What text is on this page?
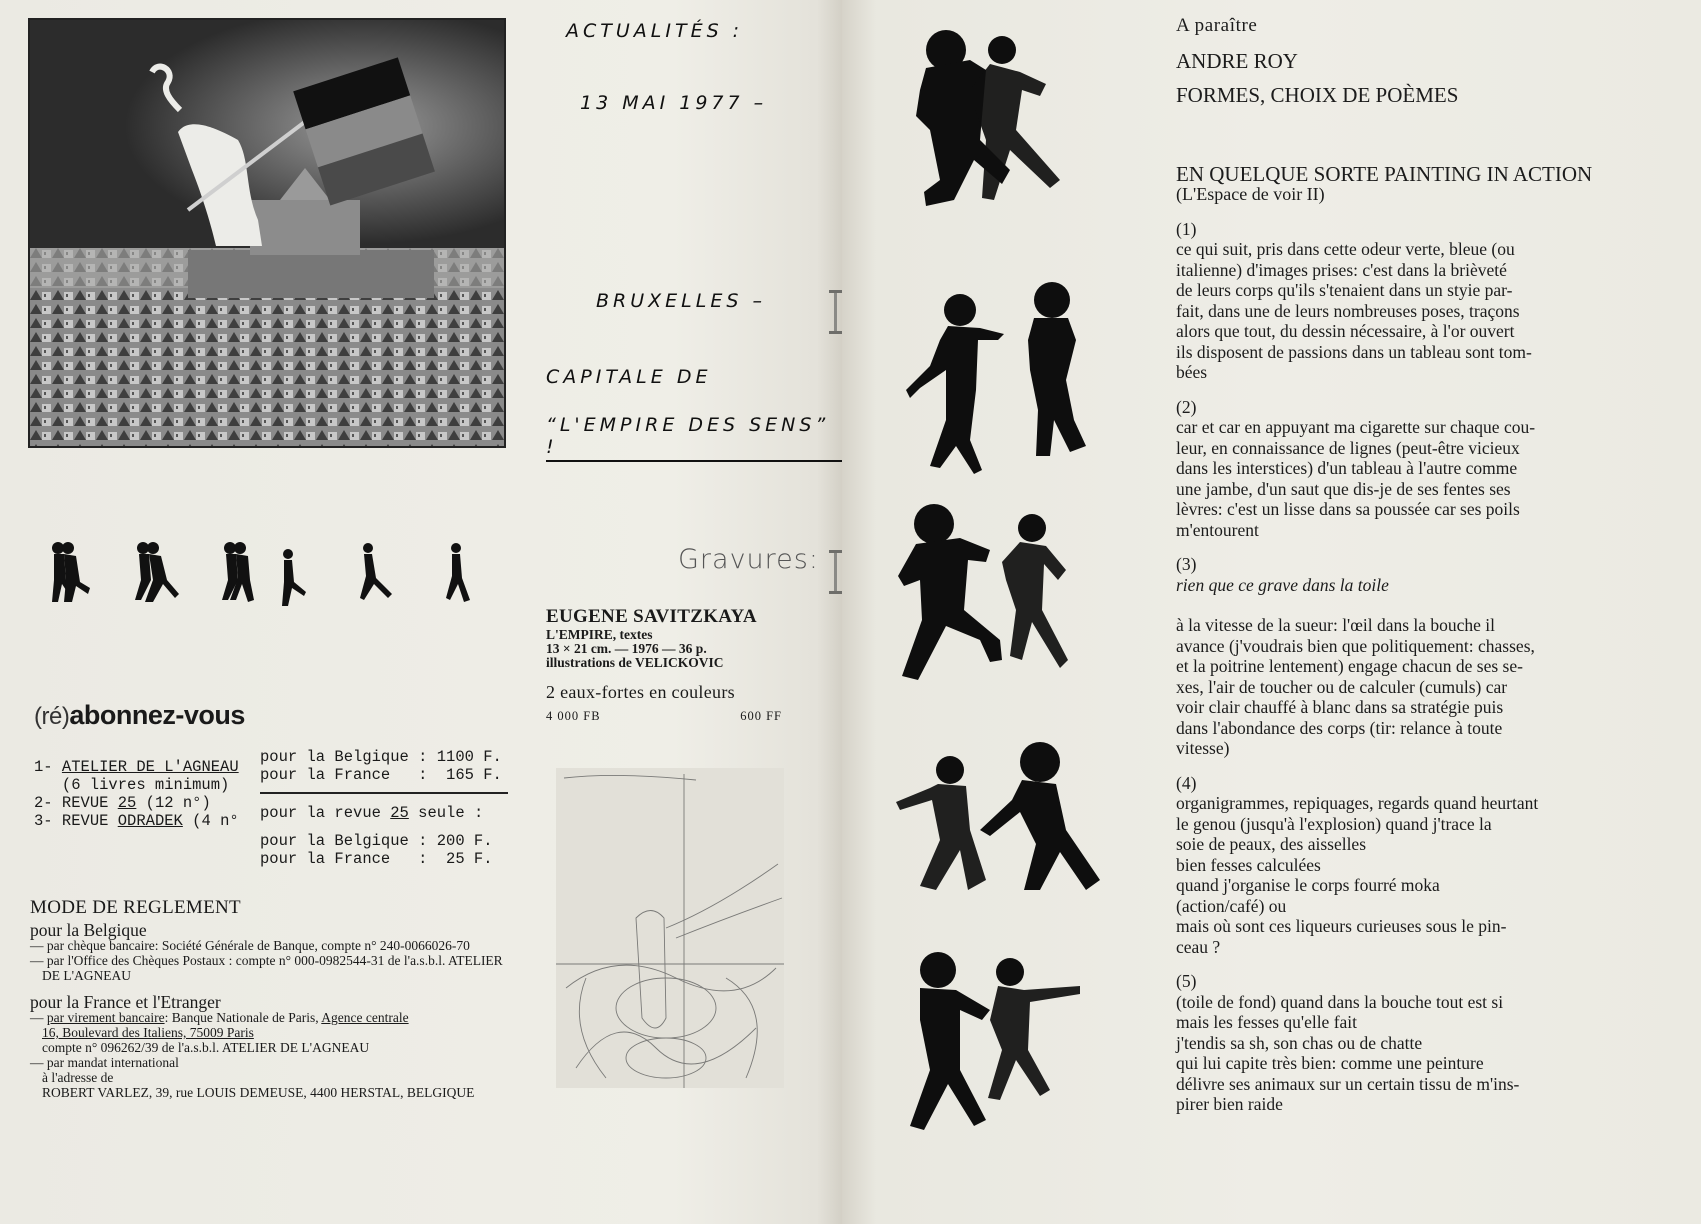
(ré)abonnez-vous
1- ATELIER DE L'AGNEAU
(6 livres minimum)
2- REVUE 25 (12 n°)
3- REVUE ODRADEK (4 n°
pour la Belgique : 1100 F.
pour la France   :  165 F.
pour la revue 25 seule :
pour la Belgique : 200 F.
pour la France   :  25 F.
MODE DE REGLEMENT
pour la Belgique

— par chèque bancaire: Société Générale de Banque, compte n° 240-0066026-70

— par l'Office des Chèques Postaux : compte n° 000-0982544-31 de l'a.s.b.l. ATELIER DE L'AGNEAU

pour la France et l'Etranger

— par virement bancaire: Banque Nationale de Paris, Agence centrale

16, Boulevard des Italiens, 75009 Paris

compte n° 096262/39 de l'a.s.b.l. ATELIER DE L'AGNEAU

— par mandat international

à l'adresse de

ROBERT VARLEZ, 39, rue LOUIS DEMEUSE, 4400 HERSTAL, BELGIQUE

ACTUALITÉS :
13 MAI 1977 –
BRUXELLES –
CAPITALE DE
“L'EMPIRE DES SENS” !
Gravures:
EUGENE SAVITZKAYA
L'EMPIRE, textes
13 × 21 cm. — 1976 — 36 p.
illustrations de VELICKOVIC
2 eaux-fortes en couleurs
4 000 FB	600 FF
A paraître
ANDRE ROY
FORMES, CHOIX DE POÈMES
EN QUELQUE SORTE PAINTING IN ACTION
(L'Espace de voir II)
(1)
ce qui suit, pris dans cette odeur verte, bleue (ou
italienne) d'images prises: c'est dans la brièveté
de leurs corps qu'ils s'tenaient dans un styie par-
fait, dans une de leurs nombreuses poses, traçons
alors que tout, du dessin nécessaire, à l'or ouvert
ils disposent de passions dans un tableau sont tom-
bées
(2)
car et car en appuyant ma cigarette sur chaque cou-
leur, en connaissance de lignes (peut-être vicieux
dans les interstices) d'un tableau à l'autre comme
une jambe, d'un saut que dis-je de ses fentes ses
lèvres: c'est un lisse dans sa poussée car ses poils
m'entourent
(3)
rien que ce grave dans la toile
à la vitesse de la sueur: l'œil dans la bouche il
avance (j'voudrais bien que politiquement: chasses,
et la poitrine lentement) engage chacun de ses se-
xes, l'air de toucher ou de calculer (cumuls) car
voir clair chauffé à blanc dans sa stratégie puis
dans l'abondance des corps (tir: relance à toute
vitesse)
(4)
organigrammes, repiquages, regards quand heurtant
le genou (jusqu'à l'explosion) quand j'trace la
soie de peaux, des aisselles
bien fesses calculées
quand j'organise le corps fourré moka
(action/café) ou
mais où sont ces liqueurs curieuses sous le pin-
ceau ?
(5)
(toile de fond) quand dans la bouche tout est si
mais les fesses qu'elle fait
j'tendis sa sh, son chas ou de chatte
qui lui capite très bien: comme une peinture
délivre ses animaux sur un certain tissu de m'ins-
pirer bien raide
